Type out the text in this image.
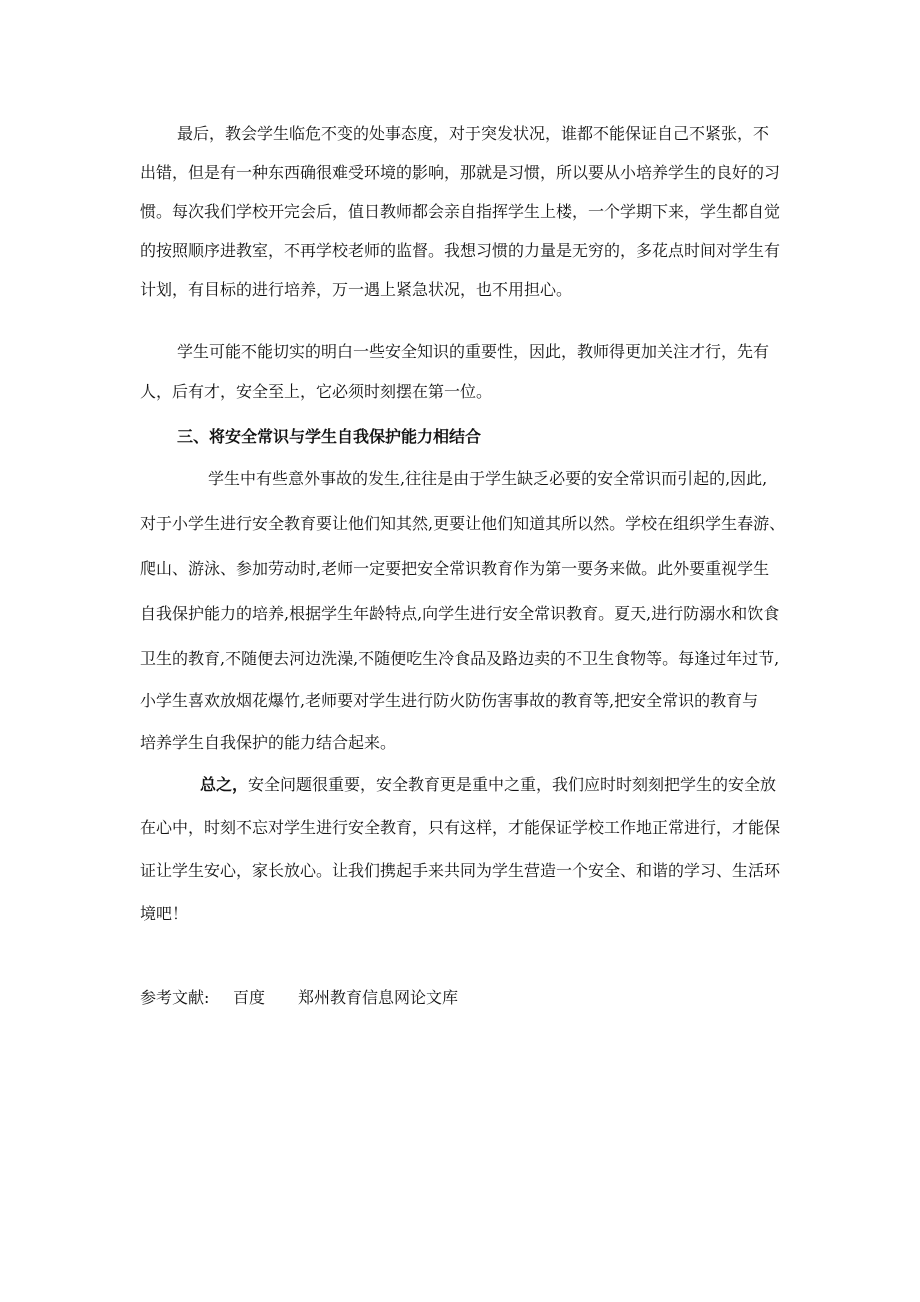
最后，教会学生临危不变的处事态度，对于突发状况，谁都不能保证自己不紧张，不
出错，但是有一种东西确很难受环境的影响，那就是习惯，所以要从小培养学生的良好的习
惯。每次我们学校开完会后，值日教师都会亲自指挥学生上楼，一个学期下来，学生都自觉
的按照顺序进教室，不再学校老师的监督。我想习惯的力量是无穷的，多花点时间对学生有
计划，有目标的进行培养，万一遇上紧急状况，也不用担心。
学生可能不能切实的明白一些安全知识的重要性，因此，教师得更加关注才行，先有
人，后有才，安全至上，它必须时刻摆在第一位。
三、将安全常识与学生自我保护能力相结合
学生中有些意外事故的发生,往往是由于学生缺乏必要的安全常识而引起的,因此,
对于小学生进行安全教育要让他们知其然,更要让他们知道其所以然。学校在组织学生春游、
爬山、游泳、参加劳动时,老师一定要把安全常识教育作为第一要务来做。此外要重视学生
自我保护能力的培养,根据学生年龄特点,向学生进行安全常识教育。夏天,进行防溺水和饮食
卫生的教育,不随便去河边洗澡,不随便吃生冷食品及路边卖的不卫生食物等。每逢过年过节,
小学生喜欢放烟花爆竹,老师要对学生进行防火防伤害事故的教育等,把安全常识的教育与
培养学生自我保护的能力结合起来。
总之，安全问题很重要，安全教育更是重中之重，我们应时时刻刻把学生的安全放
在心中，时刻不忘对学生进行安全教育，只有这样，才能保证学校工作地正常进行，才能保
证让学生安心，家长放心。让我们携起手来共同为学生营造一个安全、和谐的学习、生活环
境吧！
参考文献: 百度 郑州教育信息网论文库
